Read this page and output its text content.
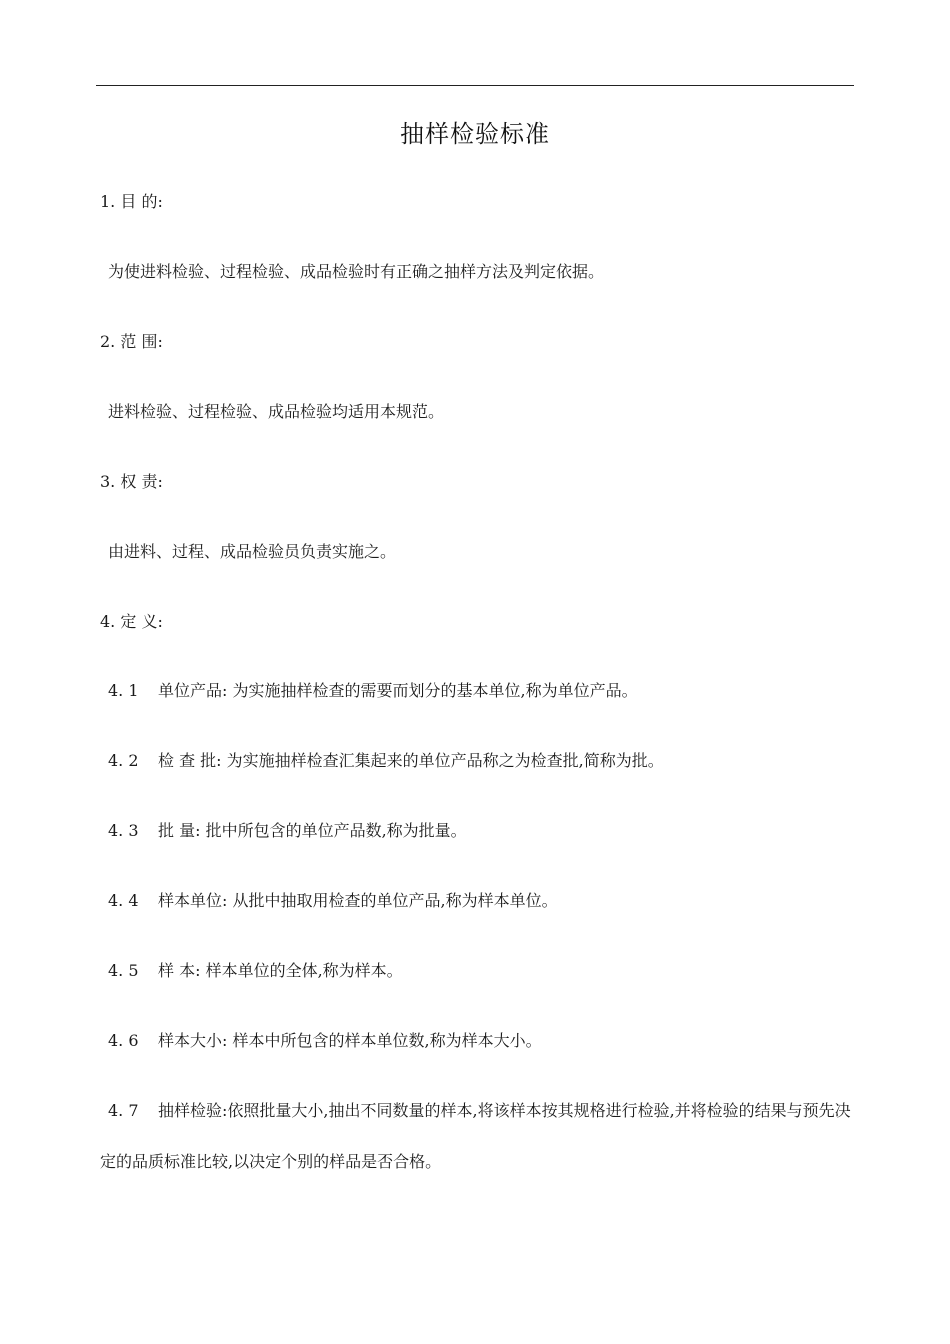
抽样检验标准
1. 目 的:
为使进料检验、过程检验、成品检验时有正确之抽样方法及判定依据。
2. 范 围:
进料检验、过程检验、成品检验均适用本规范。
3. 权 责:
由进料、过程、成品检验员负责实施之。
4. 定 义:
4. 1 单位产品: 为实施抽样检查的需要而划分的基本单位,称为单位产品。
4. 2 检 查 批: 为实施抽样检查汇集起来的单位产品称之为检查批,简称为批。
4. 3 批 量: 批中所包含的单位产品数,称为批量。
4. 4 样本单位: 从批中抽取用检查的单位产品,称为样本单位。
4. 5 样 本: 样本单位的全体,称为样本。
4. 6 样本大小: 样本中所包含的样本单位数,称为样本大小。
4. 7 抽样检验:依照批量大小,抽出不同数量的样本,将该样本按其规格进行检验,并将检验的结果与预先决定的品质标准比较,以决定个别的样品是否合格。
